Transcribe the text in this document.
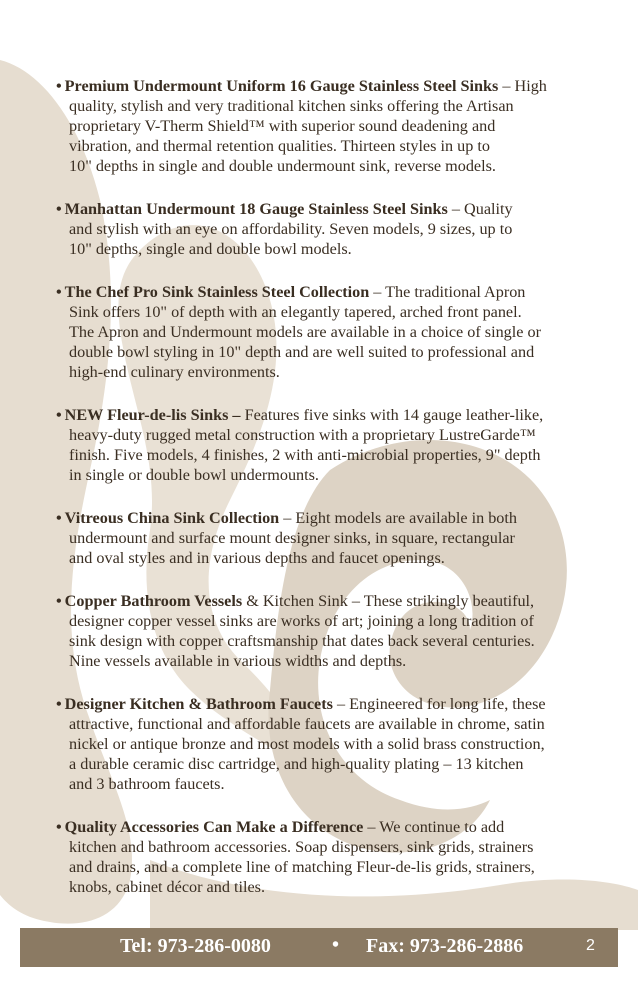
• Premium Undermount Uniform 16 Gauge Stainless Steel Sinks – High
quality, stylish and very traditional kitchen sinks offering the Artisan
proprietary V-Therm Shield™ with superior sound deadening and
vibration, and thermal retention qualities. Thirteen styles in up to
10" depths in single and double undermount sink, reverse models.
• Manhattan Undermount 18 Gauge Stainless Steel Sinks – Quality
and stylish with an eye on affordability. Seven models, 9 sizes, up to
10" depths, single and double bowl models.
• The Chef Pro Sink Stainless Steel Collection – The traditional Apron
Sink offers 10" of depth with an elegantly tapered, arched front panel.
The Apron and Undermount models are available in a choice of single or
double bowl styling in 10" depth and are well suited to professional and
high-end culinary environments.
• NEW Fleur-de-lis Sinks – Features five sinks with 14 gauge leather-like,
heavy-duty rugged metal construction with a proprietary LustreGarde™
finish. Five models, 4 finishes, 2 with anti-microbial properties, 9" depth
in single or double bowl undermounts.
• Vitreous China Sink Collection – Eight models are available in both
undermount and surface mount designer sinks, in square, rectangular
and oval styles and in various depths and faucet openings.
• Copper Bathroom Vessels & Kitchen Sink – These strikingly beautiful,
designer copper vessel sinks are works of art; joining a long tradition of
sink design with copper craftsmanship that dates back several centuries.
Nine vessels available in various widths and depths.
• Designer Kitchen & Bathroom Faucets – Engineered for long life, these
attractive, functional and affordable faucets are available in chrome, satin
nickel or antique bronze and most models with a solid brass construction,
a durable ceramic disc cartridge, and high-quality plating – 13 kitchen
and 3 bathroom faucets.
• Quality Accessories Can Make a Difference – We continue to add
kitchen and bathroom accessories. Soap dispensers, sink grids, strainers
and drains, and a complete line of matching Fleur-de-lis grids, strainers,
knobs, cabinet décor and tiles.
Tel: 973-286-0080	• Fax: 973-286-2886	2
